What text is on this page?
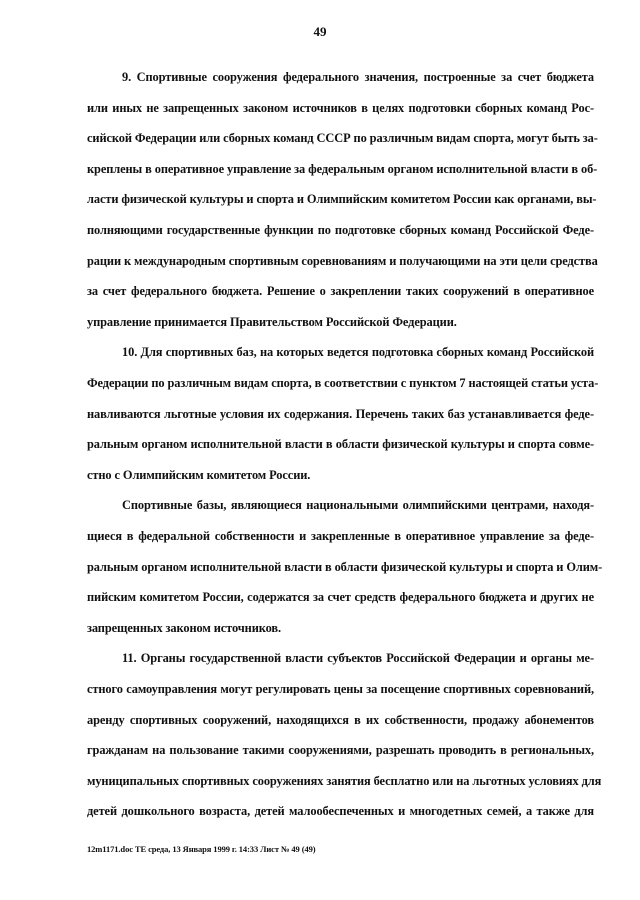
49
9. Спортивные сооружения федерального значения, построенные за счет бюджета
или иных не запрещенных законом источников в целях подготовки сборных команд Рос-
сийской Федерации или сборных команд СССР по различным видам спорта, могут быть за-
креплены в оперативное управление за федеральным органом исполнительной власти в об-
ласти физической культуры и спорта и Олимпийским комитетом России как органами, вы-
полняющими государственные функции по подготовке сборных команд Российской Феде-
рации к международным спортивным соревнованиям и получающими на эти цели средства
за счет федерального бюджета. Решение о закреплении таких сооружений в оперативное
управление принимается Правительством Российской Федерации.
10. Для спортивных баз, на которых ведется подготовка сборных команд Российской
Федерации по различным видам спорта, в соответствии с пунктом 7 настоящей статьи уста-
навливаются льготные условия их содержания. Перечень таких баз устанавливается феде-
ральным органом исполнительной власти в области физической культуры и спорта совме-
стно с Олимпийским комитетом России.
Спортивные базы, являющиеся национальными олимпийскими центрами, находя-
щиеся в федеральной собственности и закрепленные в оперативное управление за феде-
ральным органом исполнительной власти в области физической культуры и спорта и Олим-
пийским комитетом России, содержатся за счет средств федерального бюджета и других не
запрещенных законом источников.
11. Органы государственной власти субъектов Российской Федерации и органы ме-
стного самоуправления могут регулировать цены за посещение спортивных соревнований,
аренду спортивных сооружений, находящихся в их собственности, продажу абонементов
гражданам на пользование такими сооружениями, разрешать проводить в региональных,
муниципальных спортивных сооружениях занятия бесплатно или на льготных условиях для
детей дошкольного возраста, детей малообеспеченных и многодетных семей, а также для
12m1171.doc ТЕ среда, 13 Января 1999 г. 14:33 Лист № 49 (49)
